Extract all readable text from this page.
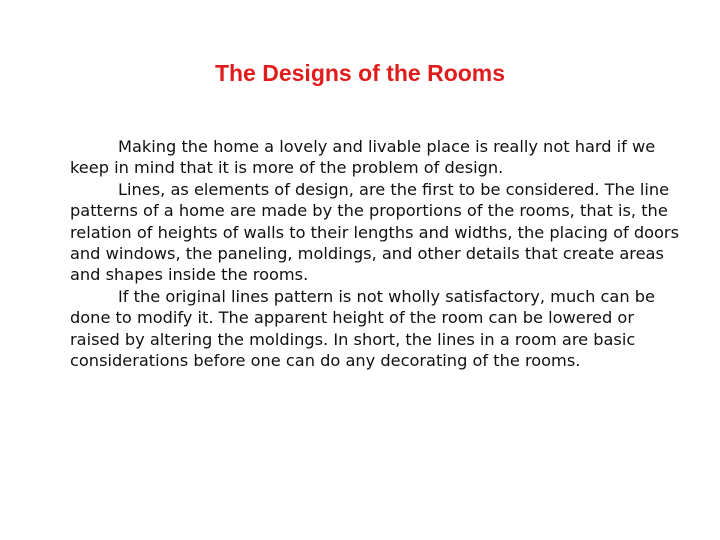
The Designs of the Rooms

Making the home a lovely and livable place is really not hard if we keep in mind that it is more of the problem of design.

Lines, as elements of design, are the first to be considered. The line patterns of a home are made by the proportions of the rooms, that is, the relation of heights of walls to their lengths and widths, the placing of doors and windows, the paneling, moldings, and other details that create areas and shapes inside the rooms.

If the original lines pattern is not wholly satisfactory, much can be done to modify it. The apparent height of the room can be lowered or raised by altering the moldings. In short, the lines in a room are basic considerations before one can do any decorating of the rooms.
